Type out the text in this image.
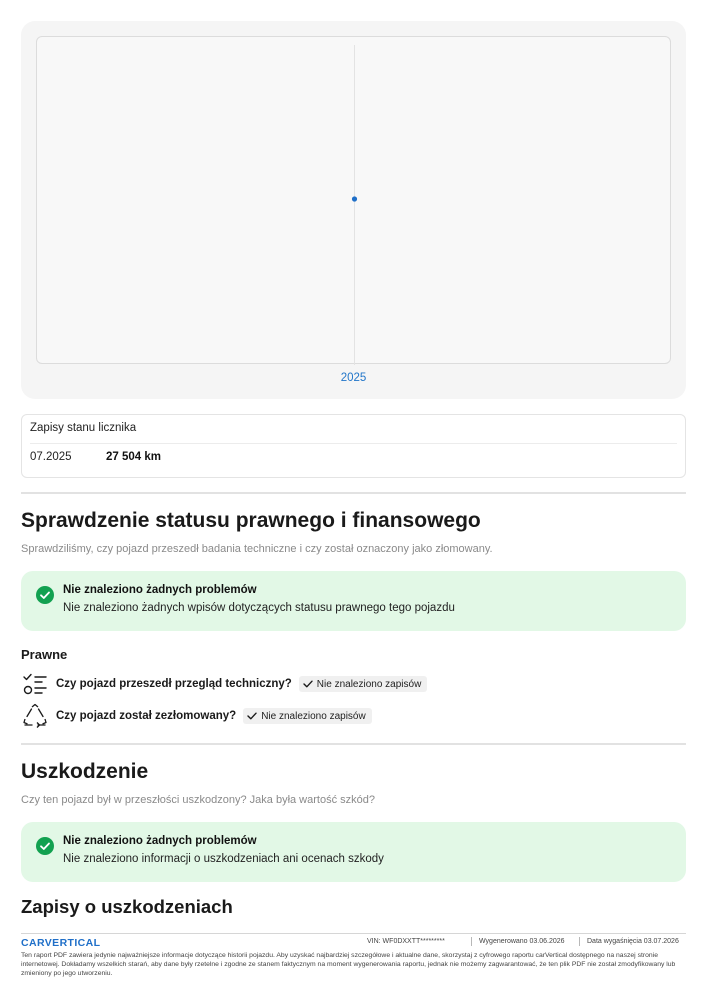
2025
Zapisy stanu licznika
07.2025	27 504 km
Sprawdzenie statusu prawnego i finansowego
Sprawdziliśmy, czy pojazd przeszedł badania techniczne i czy został oznaczony jako złomowany.
Nie znaleziono żadnych problemów
Nie znaleziono żadnych wpisów dotyczących statusu prawnego tego pojazdu
Prawne
Czy pojazd przeszedł przegląd techniczny?	Nie znaleziono zapisów
Czy pojazd został zezłomowany?	Nie znaleziono zapisów
Uszkodzenie
Czy ten pojazd był w przeszłości uszkodzony? Jaka była wartość szkód?
Nie znaleziono żadnych problemów
Nie znaleziono informacji o uszkodzeniach ani ocenach szkody
Zapisy o uszkodzeniach
CARVERTICAL	VIN: WF0DXXTT*********	Wygenerowano 03.06.2026	Data wygaśnięcia 03.07.2026
Ten raport PDF zawiera jedynie najważniejsze informacje dotyczące historii pojazdu. Aby uzyskać najbardziej szczegółowe i aktualne dane, skorzystaj z cyfrowego raportu carVertical dostępnego na naszej stronie internetowej. Dokładamy wszelkich starań, aby dane były rzetelne i zgodne ze stanem faktycznym na moment wygenerowania raportu, jednak nie możemy zagwarantować, że ten plik PDF nie został zmodyfikowany lub zmieniony po jego utworzeniu.
